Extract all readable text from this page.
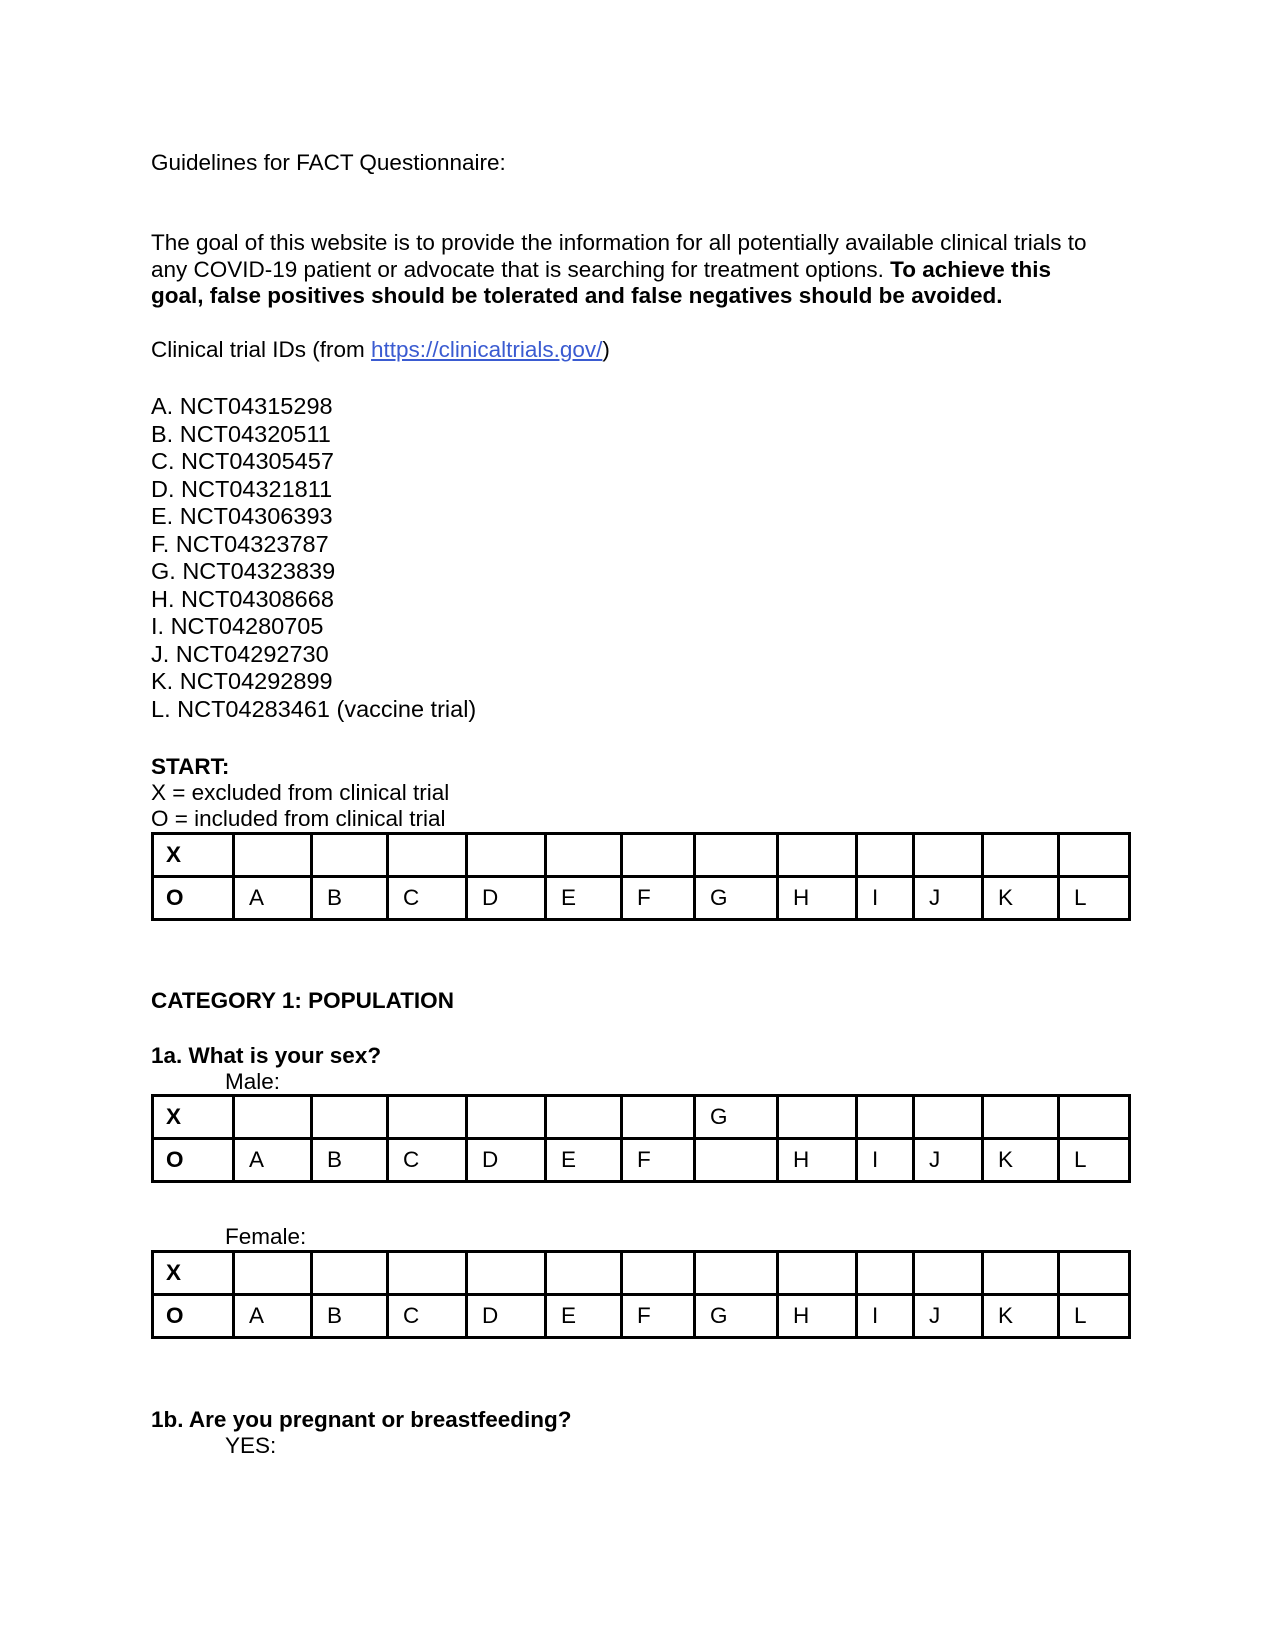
Guidelines for FACT Questionnaire:
The goal of this website is to provide the information for all potentially available clinical trials to
any COVID-19 patient or advocate that is searching for treatment options. To achieve this
goal, false positives should be tolerated and false negatives should be avoided.
Clinical trial IDs (from https://clinicaltrials.gov/)
A. NCT04315298
B. NCT04320511
C. NCT04305457
D. NCT04321811
E. NCT04306393
F. NCT04323787
G. NCT04323839
H. NCT04308668
I. NCT04280705
J. NCT04292730
K. NCT04292899
L. NCT04283461 (vaccine trial)
START:
X = excluded from clinical trial
O = included from clinical trial
X												
O	A	B	C	D	E	F	G	H	I	J	K	L
CATEGORY 1: POPULATION
1a. What is your sex?
Male:
X							G					
O	A	B	C	D	E	F		H	I	J	K	L
Female:
X												
O	A	B	C	D	E	F	G	H	I	J	K	L
1b. Are you pregnant or breastfeeding?
YES:
